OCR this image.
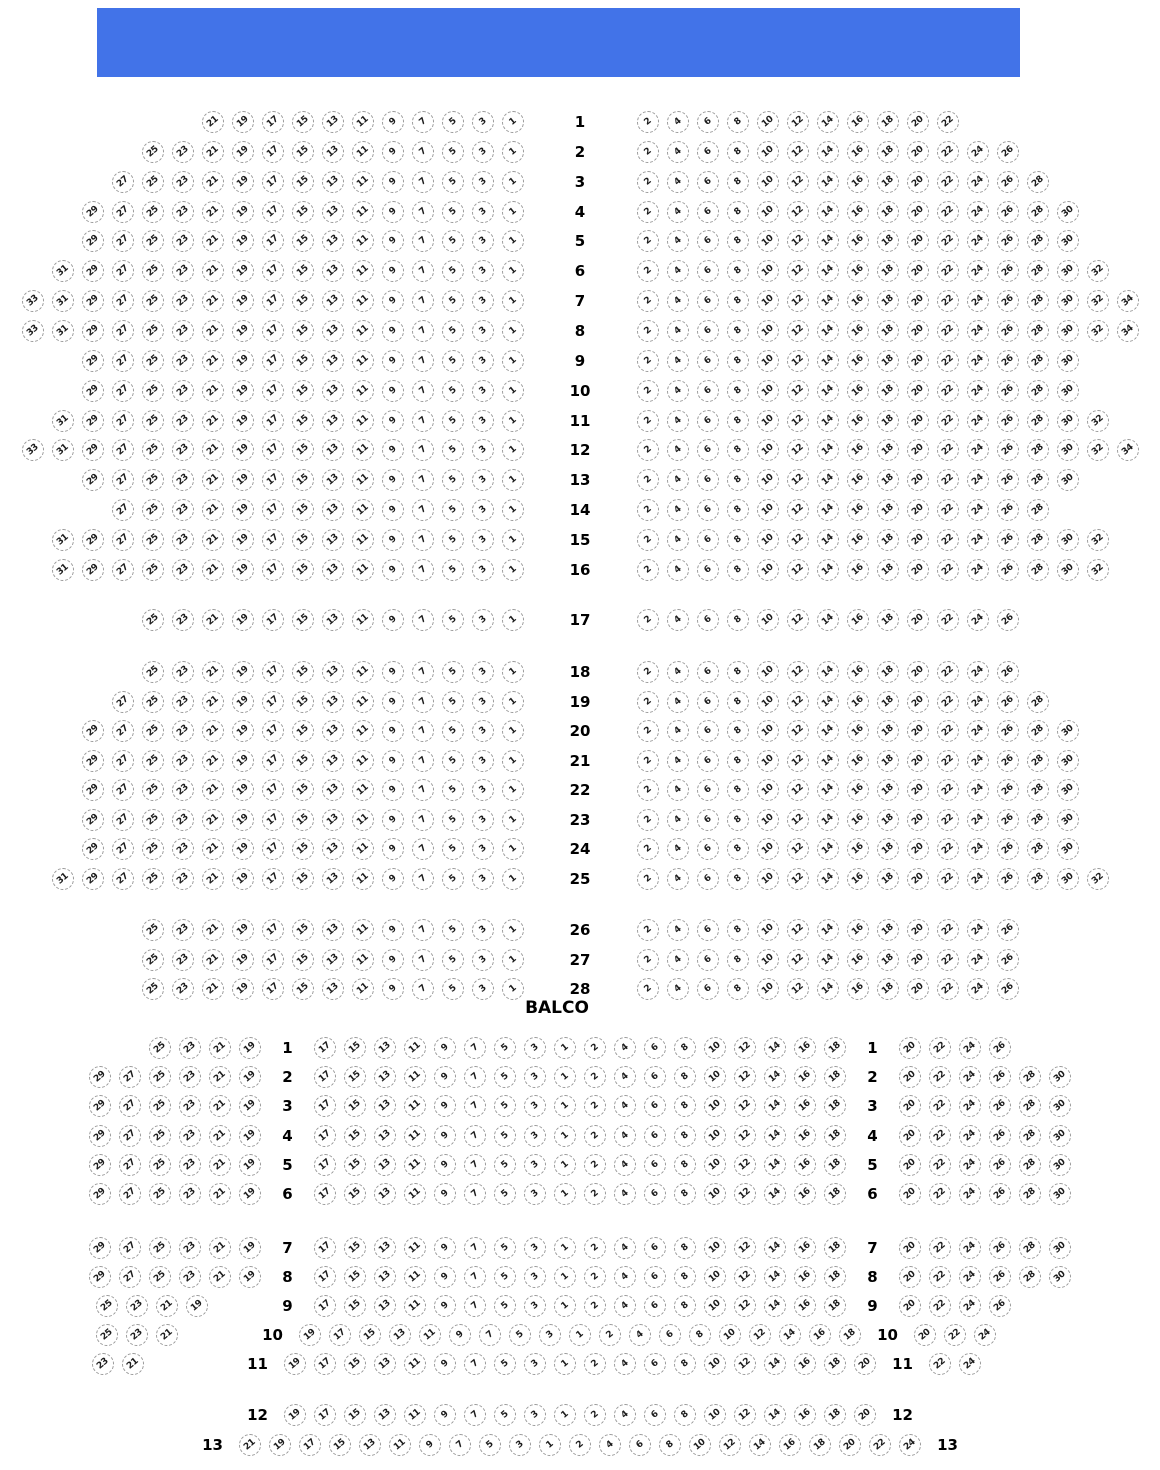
21 19 17 15 13 11 9 7 5 3 1	1	2 4 6 8 10 12 14 16 18 20 22
25 23 21 19 17 15 13 11 9 7 5 3 1	2	2 4 6 8 10 12 14 16 18 20 22 24 26
27 25 23 21 19 17 15 13 11 9 7 5 3 1	3	2 4 6 8 10 12 14 16 18 20 22 24 26 28
29 27 25 23 21 19 17 15 13 11 9 7 5 3 1	4	2 4 6 8 10 12 14 16 18 20 22 24 26 28 30
29 27 25 23 21 19 17 15 13 11 9 7 5 3 1	5	2 4 6 8 10 12 14 16 18 20 22 24 26 28 30
31 29 27 25 23 21 19 17 15 13 11 9 7 5 3 1	6	2 4 6 8 10 12 14 16 18 20 22 24 26 28 30 32
33 31 29 27 25 23 21 19 17 15 13 11 9 7 5 3 1	7	2 4 6 8 10 12 14 16 18 20 22 24 26 28 30 32 34
33 31 29 27 25 23 21 19 17 15 13 11 9 7 5 3 1	8	2 4 6 8 10 12 14 16 18 20 22 24 26 28 30 32 34
29 27 25 23 21 19 17 15 13 11 9 7 5 3 1	9	2 4 6 8 10 12 14 16 18 20 22 24 26 28 30
29 27 25 23 21 19 17 15 13 11 9 7 5 3 1	10	2 4 6 8 10 12 14 16 18 20 22 24 26 28 30
31 29 27 25 23 21 19 17 15 13 11 9 7 5 3 1	11	2 4 6 8 10 12 14 16 18 20 22 24 26 28 30 32
33 31 29 27 25 23 21 19 17 15 13 11 9 7 5 3 1	12	2 4 6 8 10 12 14 16 18 20 22 24 26 28 30 32 34
29 27 25 23 21 19 17 15 13 11 9 7 5 3 1	13	2 4 6 8 10 12 14 16 18 20 22 24 26 28 30
27 25 23 21 19 17 15 13 11 9 7 5 3 1	14	2 4 6 8 10 12 14 16 18 20 22 24 26 28
31 29 27 25 23 21 19 17 15 13 11 9 7 5 3 1	15	2 4 6 8 10 12 14 16 18 20 22 24 26 28 30 32
31 29 27 25 23 21 19 17 15 13 11 9 7 5 3 1	16	2 4 6 8 10 12 14 16 18 20 22 24 26 28 30 32
25 23 21 19 17 15 13 11 9 7 5 3 1	17	2 4 6 8 10 12 14 16 18 20 22 24 26
25 23 21 19 17 15 13 11 9 7 5 3 1	18	2 4 6 8 10 12 14 16 18 20 22 24 26
27 25 23 21 19 17 15 13 11 9 7 5 3 1	19	2 4 6 8 10 12 14 16 18 20 22 24 26 28
29 27 25 23 21 19 17 15 13 11 9 7 5 3 1	20	2 4 6 8 10 12 14 16 18 20 22 24 26 28 30
29 27 25 23 21 19 17 15 13 11 9 7 5 3 1	21	2 4 6 8 10 12 14 16 18 20 22 24 26 28 30
29 27 25 23 21 19 17 15 13 11 9 7 5 3 1	22	2 4 6 8 10 12 14 16 18 20 22 24 26 28 30
29 27 25 23 21 19 17 15 13 11 9 7 5 3 1	23	2 4 6 8 10 12 14 16 18 20 22 24 26 28 30
29 27 25 23 21 19 17 15 13 11 9 7 5 3 1	24	2 4 6 8 10 12 14 16 18 20 22 24 26 28 30
31 29 27 25 23 21 19 17 15 13 11 9 7 5 3 1	25	2 4 6 8 10 12 14 16 18 20 22 24 26 28 30 32
25 23 21 19 17 15 13 11 9 7 5 3 1	26	2 4 6 8 10 12 14 16 18 20 22 24 26
25 23 21 19 17 15 13 11 9 7 5 3 1	27	2 4 6 8 10 12 14 16 18 20 22 24 26
25 23 21 19 17 15 13 11 9 7 5 3 1	28	2 4 6 8 10 12 14 16 18 20 22 24 26
BALCO
25 23 21 19	1	17 15 13 11 9 7 5 3 1 2 4 6 8 10 12 14 16 18	1	20 22 24 26
29 27 25 23 21 19	2	17 15 13 11 9 7 5 3 1 2 4 6 8 10 12 14 16 18	2	20 22 24 26 28 30
29 27 25 23 21 19	3	17 15 13 11 9 7 5 3 1 2 4 6 8 10 12 14 16 18	3	20 22 24 26 28 30
29 27 25 23 21 19	4	17 15 13 11 9 7 5 3 1 2 4 6 8 10 12 14 16 18	4	20 22 24 26 28 30
29 27 25 23 21 19	5	17 15 13 11 9 7 5 3 1 2 4 6 8 10 12 14 16 18	5	20 22 24 26 28 30
29 27 25 23 21 19	6	17 15 13 11 9 7 5 3 1 2 4 6 8 10 12 14 16 18	6	20 22 24 26 28 30
29 27 25 23 21 19	7	17 15 13 11 9 7 5 3 1 2 4 6 8 10 12 14 16 18	7	20 22 24 26 28 30
29 27 25 23 21 19	8	17 15 13 11 9 7 5 3 1 2 4 6 8 10 12 14 16 18	8	20 22 24 26 28 30
25 23 21 19	9	17 15 13 11 9 7 5 3 1 2 4 6 8 10 12 14 16 18	9	20 22 24 26
25 23 21	10	19 17 15 13 11 9 7 5 3 1 2 4 6 8 10 12 14 16 18	10	20 22 24
23 21	11	19 17 15 13 11 9 7 5 3 1 2 4 6 8 10 12 14 16 18 20	11	22 24
12	19 17 15 13 11 9 7 5 3 1 2 4 6 8 10 12 14 16 18 20	12
13	21 19 17 15 13 11 9 7 5 3 1 2 4 6 8 10 12 14 16 18 20 22 24	13
